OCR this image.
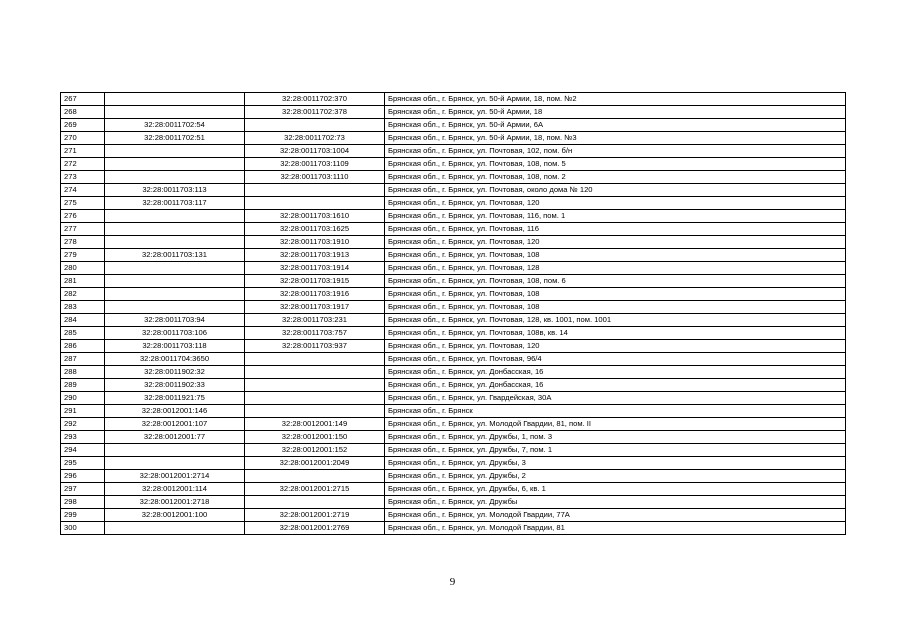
267		32:28:0011702:370	Брянская обл., г. Брянск, ул. 50-й Армии, 18, пом. №2
268		32:28:0011702:378	Брянская обл., г. Брянск, ул. 50-й Армии, 18
269	32:28:0011702:54		Брянская обл., г. Брянск, ул. 50-й Армии, 6А
270	32:28:0011702:51	32:28:0011702:73	Брянская обл., г. Брянск, ул. 50-й Армии, 18, пом. №3
271		32:28:0011703:1004	Брянская обл., г. Брянск, ул. Почтовая, 102, пом. б/н
272		32:28:0011703:1109	Брянская обл., г. Брянск, ул. Почтовая, 108, пом. 5
273		32:28:0011703:1110	Брянская обл., г. Брянск, ул. Почтовая, 108, пом. 2
274	32:28:0011703:113		Брянская обл., г. Брянск, ул. Почтовая, около дома № 120
275	32:28:0011703:117		Брянская обл., г. Брянск, ул. Почтовая, 120
276		32:28:0011703:1610	Брянская обл., г. Брянск, ул. Почтовая, 116, пом. 1
277		32:28:0011703:1625	Брянская обл., г. Брянск, ул. Почтовая, 116
278		32:28:0011703:1910	Брянская обл., г. Брянск, ул. Почтовая, 120
279	32:28:0011703:131	32:28:0011703:1913	Брянская обл., г. Брянск, ул. Почтовая, 108
280		32:28:0011703:1914	Брянская обл., г. Брянск, ул. Почтовая, 128
281		32:28:0011703:1915	Брянская обл., г. Брянск, ул. Почтовая, 108, пом. 6
282		32:28:0011703:1916	Брянская обл., г. Брянск, ул. Почтовая, 108
283		32:28:0011703:1917	Брянская обл., г. Брянск, ул. Почтовая, 108
284	32:28:0011703:94	32:28:0011703:231	Брянская обл., г. Брянск, ул. Почтовая, 128, кв. 1001, пом. 1001
285	32:28:0011703:106	32:28:0011703:757	Брянская обл., г. Брянск, ул. Почтовая, 108в, кв. 14
286	32:28:0011703:118	32:28:0011703:937	Брянская обл., г. Брянск, ул. Почтовая, 120
287	32:28:0011704:3650		Брянская обл., г. Брянск, ул. Почтовая, 96/4
288	32:28:0011902:32		Брянская обл., г. Брянск, ул. Донбасская, 16
289	32:28:0011902:33		Брянская обл., г. Брянск, ул. Донбасская, 16
290	32:28:0011921:75		Брянская обл., г. Брянск, ул. Гвардейская, 30А
291	32:28:0012001:146		Брянская обл., г. Брянск
292	32:28:0012001:107	32:28:0012001:149	Брянская обл., г. Брянск, ул. Молодой Гвардии, 81, пом. II
293	32:28:0012001:77	32:28:0012001:150	Брянская обл., г. Брянск, ул. Дружбы, 1, пом. 3
294		32:28:0012001:152	Брянская обл., г. Брянск, ул. Дружбы, 7, пом. 1
295		32:28:0012001:2049	Брянская обл., г. Брянск, ул. Дружбы, 3
296	32:28:0012001:2714		Брянская обл., г. Брянск, ул. Дружбы, 2
297	32:28:0012001:114	32:28:0012001:2715	Брянская обл., г. Брянск, ул. Дружбы, 6, кв. 1
298	32:28:0012001:2718		Брянская обл., г. Брянск, ул. Дружбы
299	32:28:0012001:100	32:28:0012001:2719	Брянская обл., г. Брянск, ул. Молодой Гвардии, 77А
300		32:28:0012001:2769	Брянская обл., г. Брянск, ул. Молодой Гвардии, 81
9
